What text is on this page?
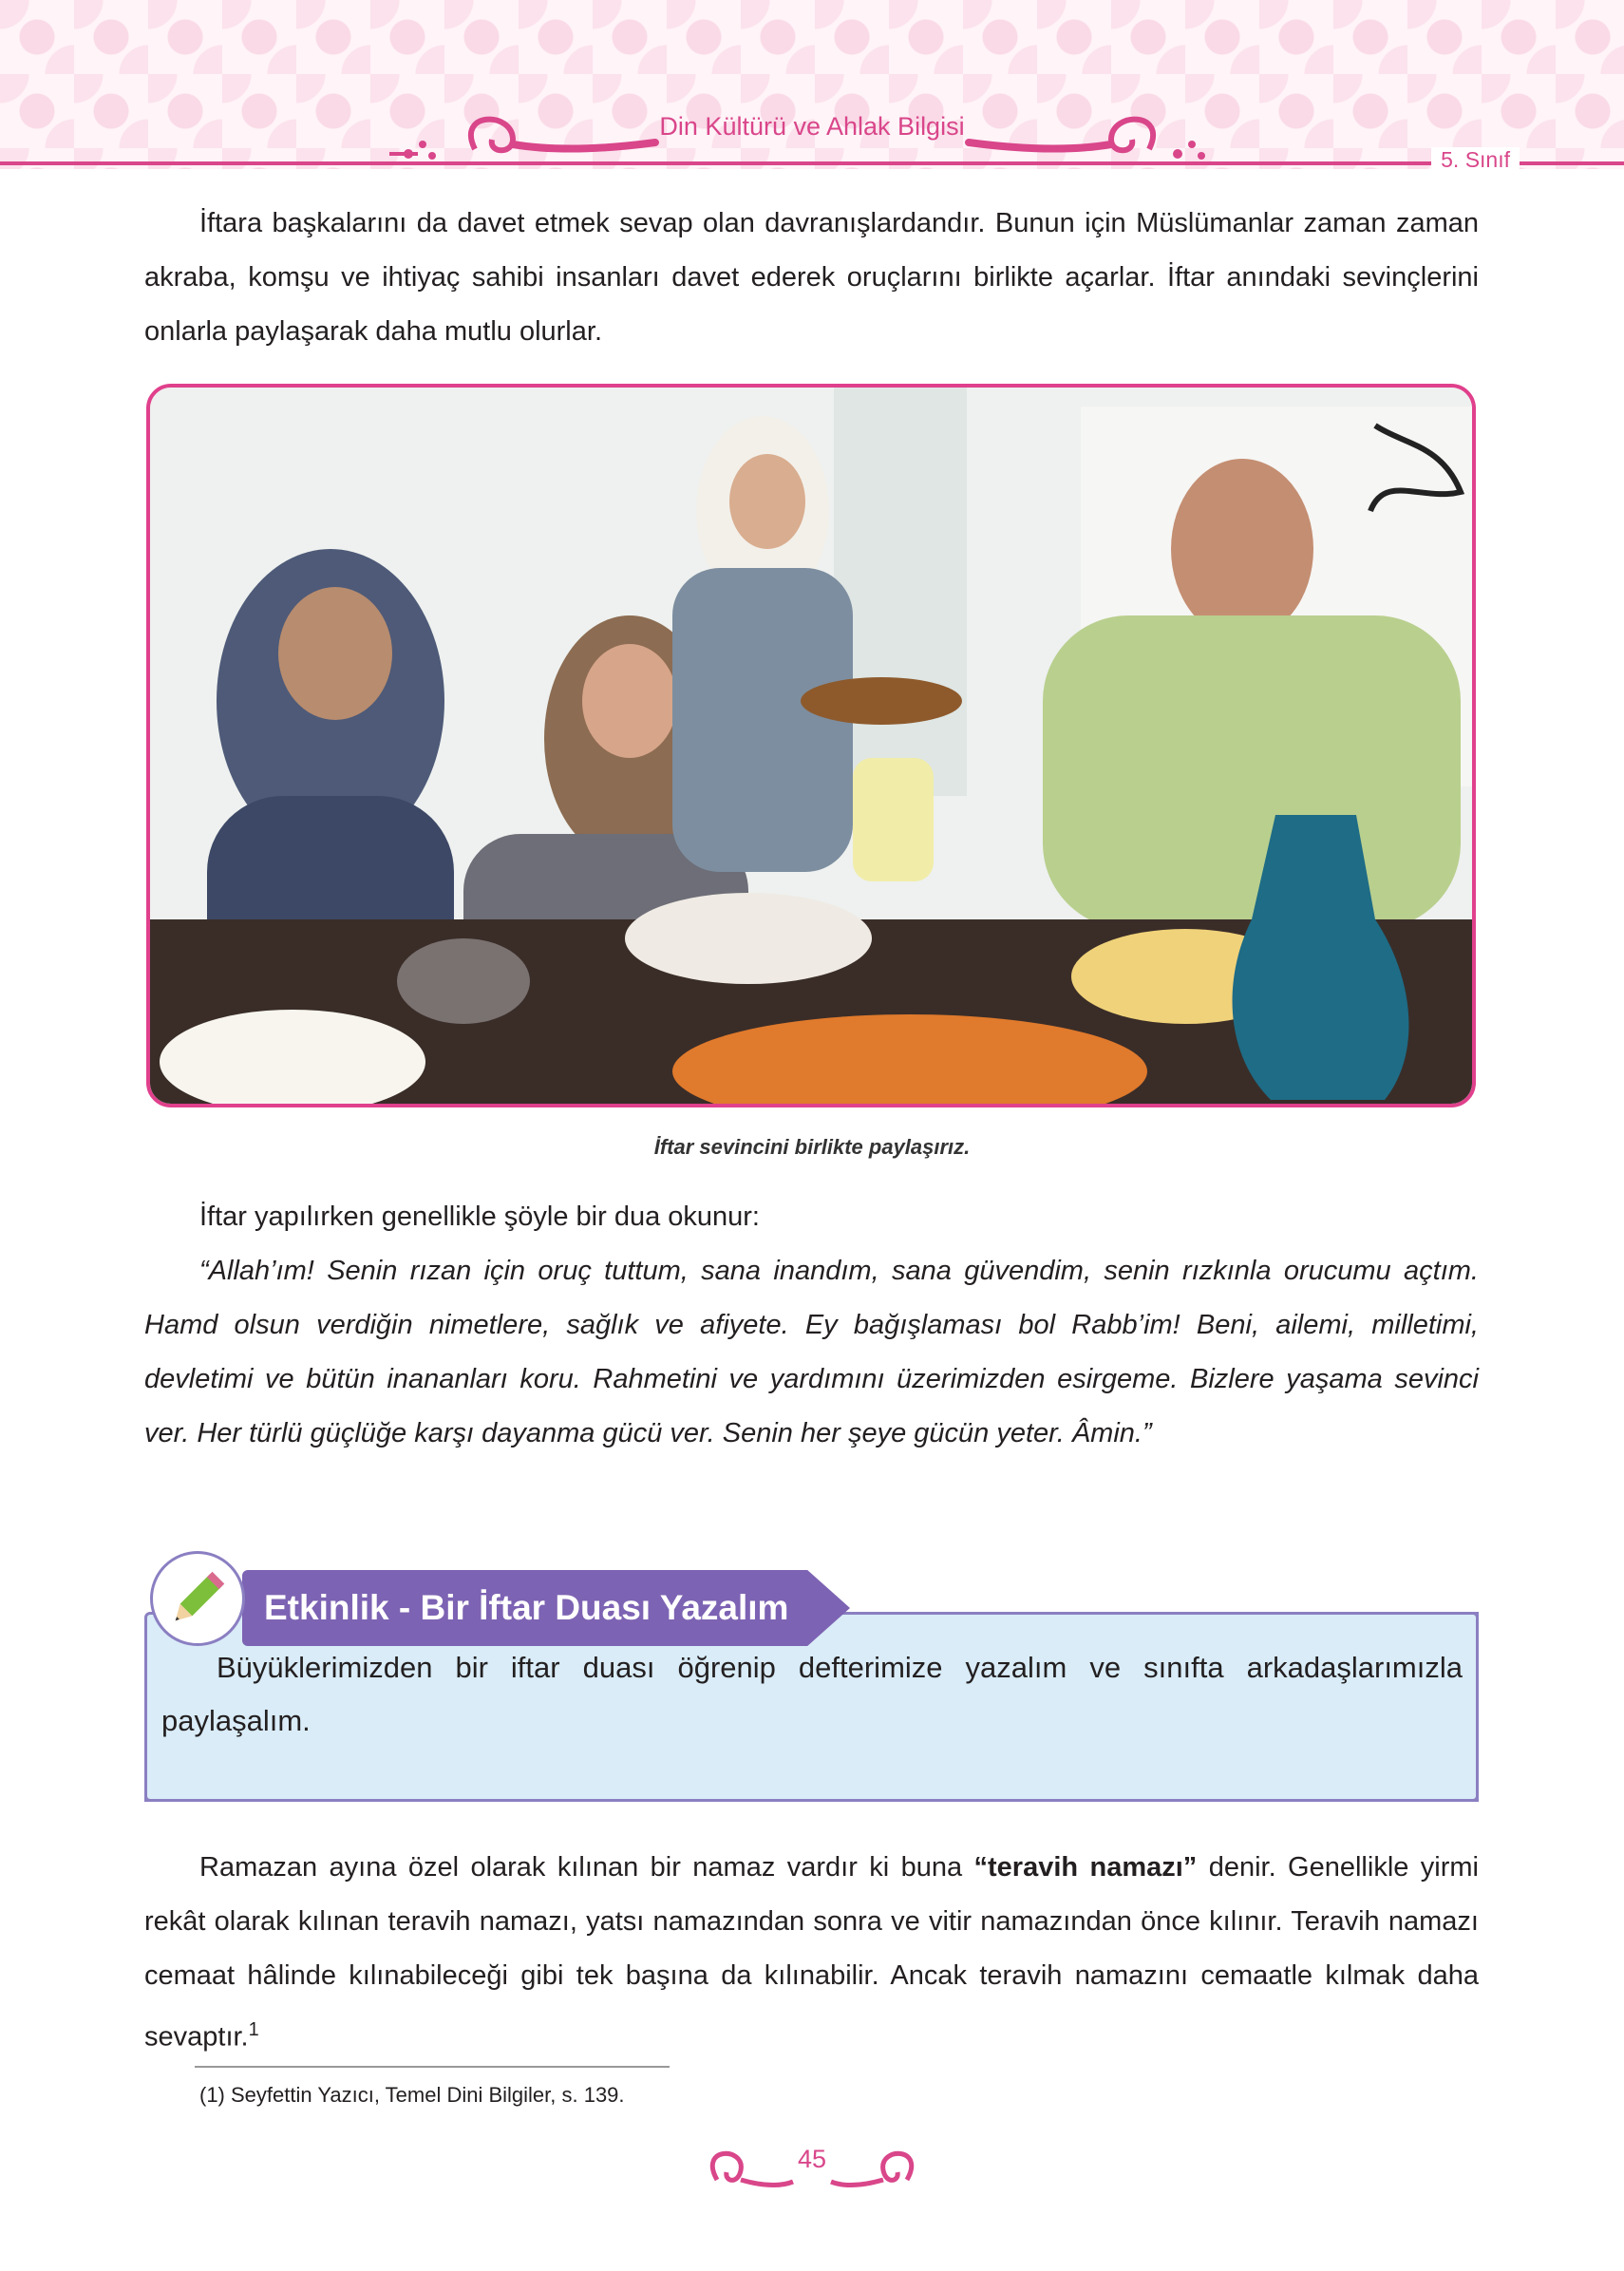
Din Kültürü ve Ahlak Bilgisi
5. Sınıf

İftara başkalarını da davet etmek sevap olan davranışlardandır. Bunun için Müslümanlar zaman zaman akraba, komşu ve ihtiyaç sahibi insanları davet ederek oruçlarını birlikte açarlar. İftar anındaki sevinçlerini onlarla paylaşarak daha mutlu olurlar.

İftar sevincini birlikte paylaşırız.

İftar yapılırken genellikle şöyle bir dua okunur:

“Allah’ım! Senin rızan için oruç tuttum, sana inandım, sana güvendim, senin rızkınla orucumu açtım. Hamd olsun verdiğin nimetlere, sağlık ve afiyete. Ey bağışlaması bol Rabb’im! Beni, ailemi, milletimi, devletimi ve bütün inananları koru. Rahmetini ve yardımını üzerimizden esirgeme. Bizlere yaşama sevinci ver. Her türlü güçlüğe karşı dayanma gücü ver. Senin her şeye gücün yeter. Âmin.”

Etkinlik - Bir İftar Duası Yazalım
Büyüklerimizden bir iftar duası öğrenip defterimize yazalım ve sınıfta arkadaşlarımızla paylaşalım.

Ramazan ayına özel olarak kılınan bir namaz vardır ki buna “teravih namazı” denir. Genellikle yirmi rekât olarak kılınan teravih namazı, yatsı namazından sonra ve vitir namazından önce kılınır. Teravih namazı cemaat hâlinde kılınabileceği gibi tek başına da kılınabilir. Ancak teravih namazını cemaatle kılmak daha sevaptır.$^1$

(1) Seyfettin Yazıcı, Temel Dini Bilgiler, s. 139.
45
